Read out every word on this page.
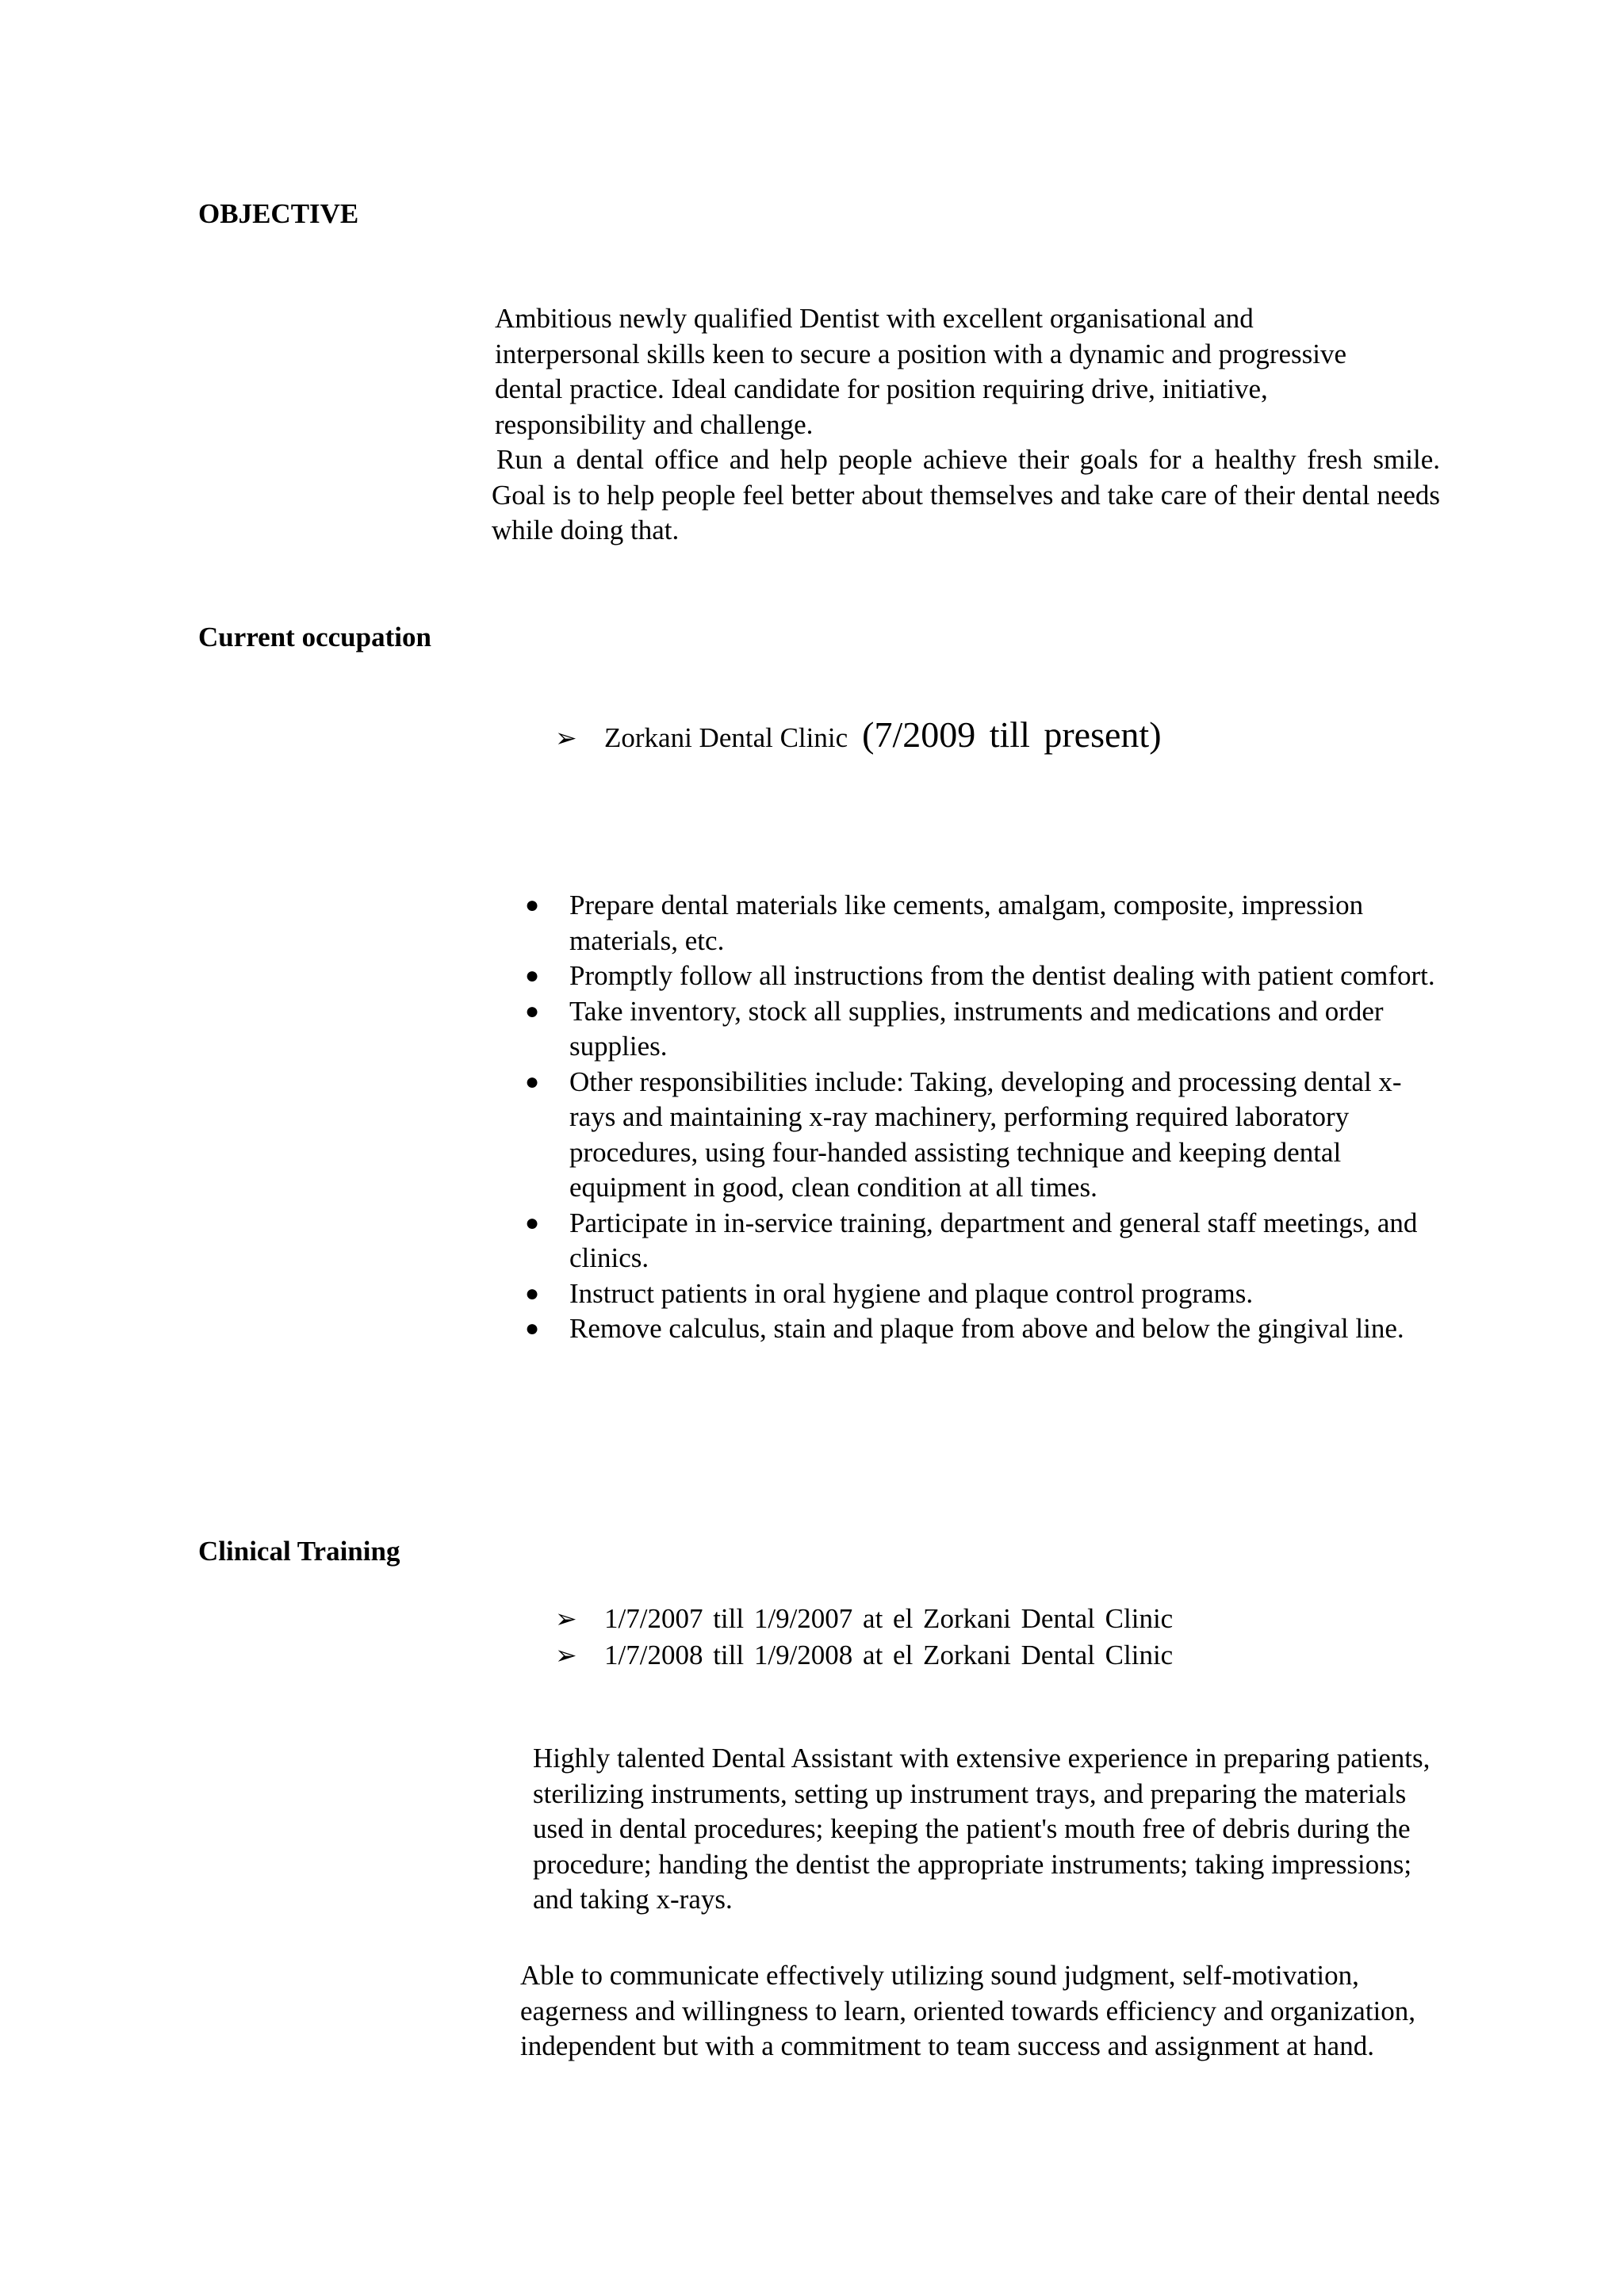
OBJECTIVE
Ambitious newly qualified Dentist with excellent organisational and
interpersonal skills keen to secure a position with a dynamic and progressive
dental practice. Ideal candidate for position requiring drive, initiative,
responsibility and challenge.

Run a dental office and help people achieve their goals for a healthy fresh smile. Goal is to help people feel better about themselves and take care of their dental needs while doing that.

Current occupation
➢ Zorkani Dental Clinic (7/2009 till present)
● Prepare dental materials like cements, amalgam, composite, impression materials, etc.
● Promptly follow all instructions from the dentist dealing with patient comfort.
● Take inventory, stock all supplies, instruments and medications and order supplies.
● Other responsibilities include: Taking, developing and processing dental x-rays and maintaining x-ray machinery, performing required laboratory procedures, using four-handed assisting technique and keeping dental equipment in good, clean condition at all times.
● Participate in in-service training, department and general staff meetings, and clinics.
● Instruct patients in oral hygiene and plaque control programs.
● Remove calculus, stain and plaque from above and below the gingival line.
Clinical Training
➢ 1/7/2007 till 1/9/2007 at el Zorkani Dental Clinic
➢ 1/7/2008 till 1/9/2008 at el Zorkani Dental Clinic

Highly talented Dental Assistant with extensive experience in preparing patients, sterilizing instruments, setting up instrument trays, and preparing the materials used in dental procedures; keeping the patient's mouth free of debris during the procedure; handing the dentist the appropriate instruments; taking impressions; and taking x-rays.

Able to communicate effectively utilizing sound judgment, self-motivation, eagerness and willingness to learn, oriented towards efficiency and organization, independent but with a commitment to team success and assignment at hand.
